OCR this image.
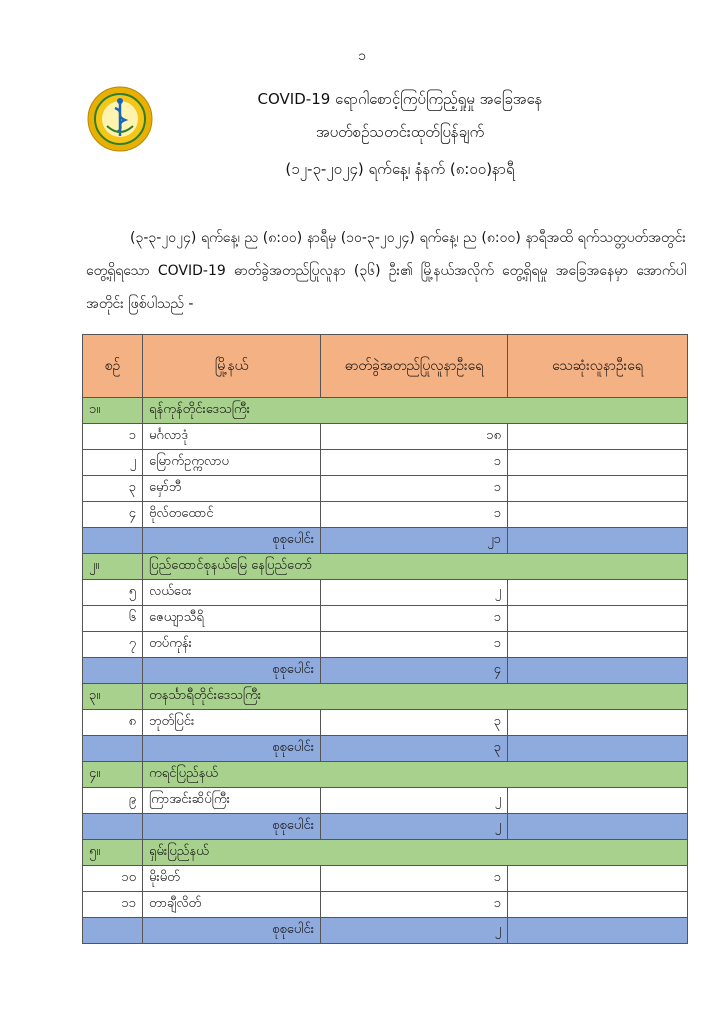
၁
COVID-19 ရောဂါစောင့်ကြပ်ကြည့်ရှုမှု အခြေအနေ
အပတ်စဉ်သတင်းထုတ်ပြန်ချက်
(၁၂-၃-၂၀၂၄) ရက်နေ့၊ နံနက် (၈:၀၀)နာရီ
(၃-၃-၂၀၂၄) ရက်နေ့၊ ည (၈:၀၀) နာရီမှ (၁၀-၃-၂၀၂၄) ရက်နေ့၊ ည (၈:၀၀) နာရီအထိ ရက်သတ္တပတ်အတွင်း တွေ့ရှိရသော COVID-19 ဓာတ်ခွဲအတည်ပြုလူနာ (၃၆) ဦး၏ မြို့နယ်အလိုက် တွေ့ရှိရမှု အခြေအနေမှာ အောက်ပါအတိုင်း ဖြစ်ပါသည် -
စဉ်	မြို့နယ်	ဓာတ်ခွဲအတည်ပြုလူနာဦးရေ	သေဆုံးလူနာဦးရေ
၁။	ရန်ကုန်တိုင်းဒေသကြီး		
၁	မင်္ဂလာဒုံ	၁၈	
၂	မြောက်ဥက္ကလာပ	၁	
၃	မှော်ဘီ	၁	
၄	ဗိုလ်တထောင်	၁	
	စုစုပေါင်း	၂၁	
၂။	ပြည်ထောင်စုနယ်မြေ နေပြည်တော်		
၅	လယ်ဝေး	၂	
၆	ဇေယျာသီရိ	၁	
၇	တပ်ကုန်း	၁	
	စုစုပေါင်း	၄	
၃။	တနင်္သာရီတိုင်းဒေသကြီး		
၈	ဘုတ်ပြင်း	၃	
	စုစုပေါင်း	၃	
၄။	ကရင်ပြည်နယ်		
၉	ကြာအင်းဆိပ်ကြီး	၂	
	စုစုပေါင်း	၂	
၅။	ရှမ်းပြည်နယ်		
၁၀	မိုးမိတ်	၁	
၁၁	တာချီလိတ်	၁	
	စုစုပေါင်း	၂	
